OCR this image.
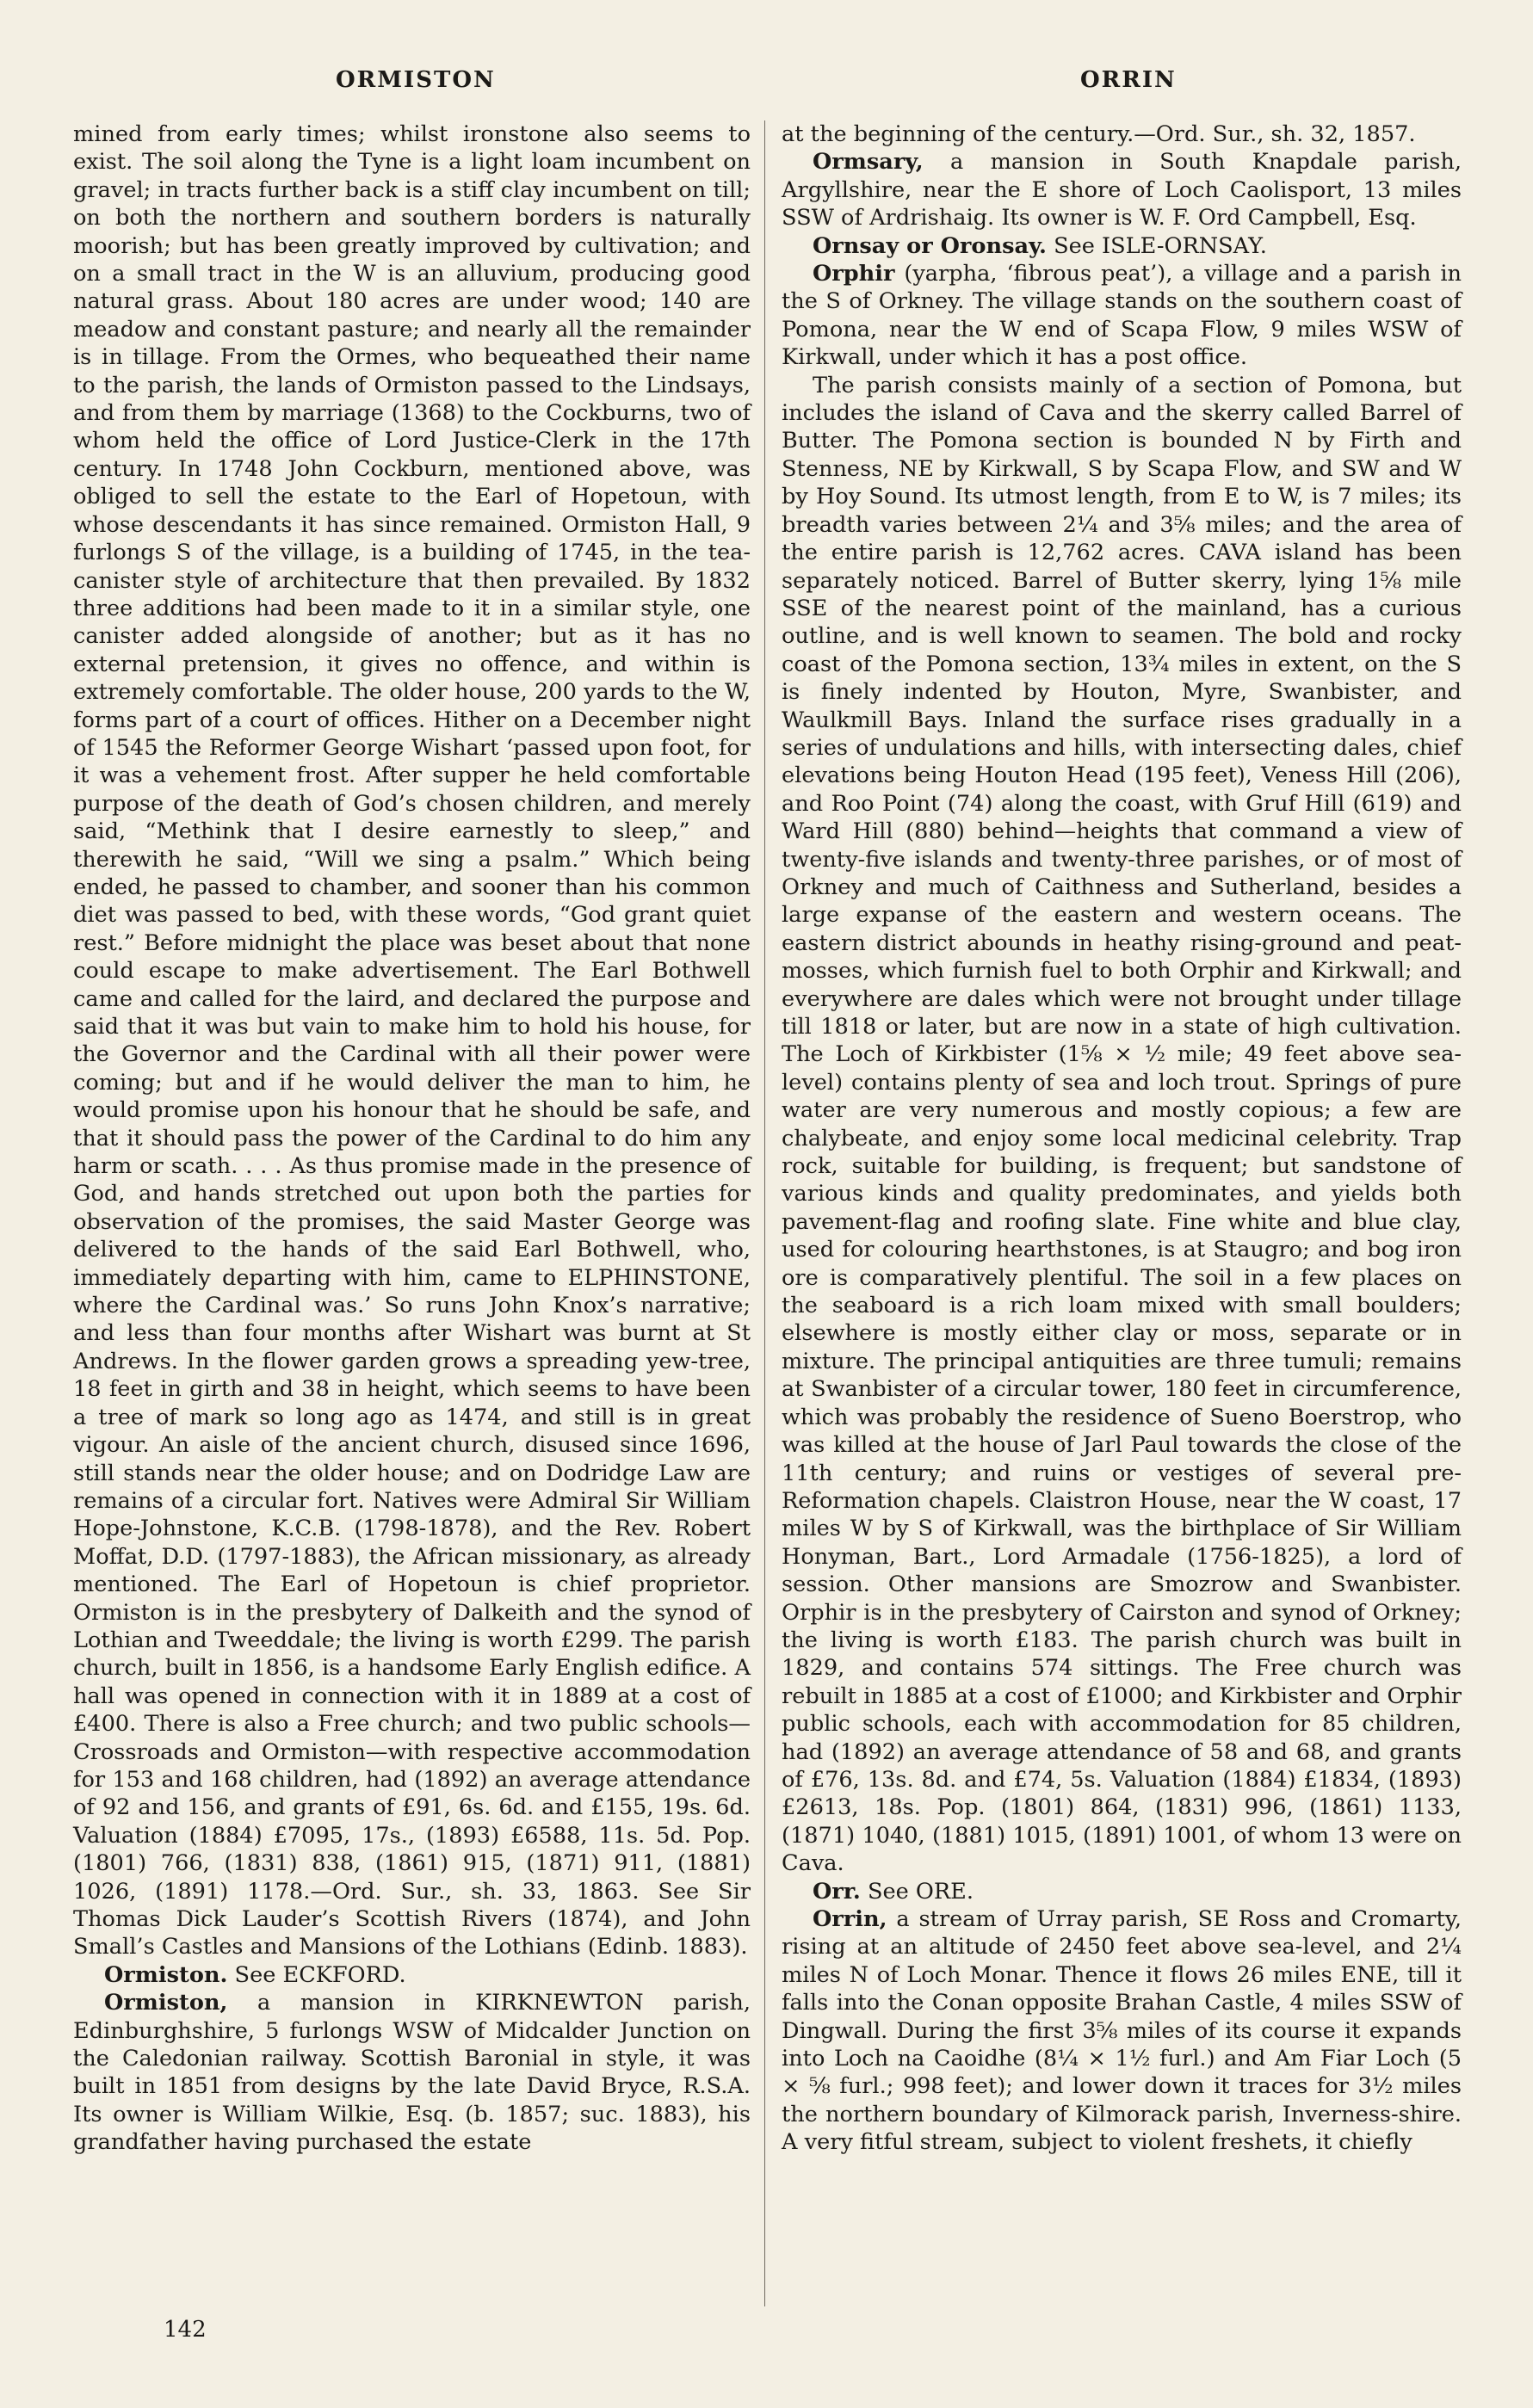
ORMISTON	ORRIN

mined from early times; whilst ironstone also seems to exist. The soil along the Tyne is a light loam incumbent on gravel; in tracts further back is a stiff clay incumbent on till; on both the northern and southern borders is naturally moorish; but has been greatly improved by cultivation; and on a small tract in the W is an alluvium, producing good natural grass. About 180 acres are under wood; 140 are meadow and constant pasture; and nearly all the remainder is in tillage. From the Ormes, who bequeathed their name to the parish, the lands of Ormiston passed to the Lindsays, and from them by marriage (1368) to the Cockburns, two of whom held the office of Lord Justice-Clerk in the 17th century. In 1748 John Cockburn, mentioned above, was obliged to sell the estate to the Earl of Hopetoun, with whose descendants it has since remained. Ormiston Hall, 9 furlongs S of the village, is a building of 1745, in the tea-canister style of architecture that then prevailed. By 1832 three additions had been made to it in a similar style, one canister added alongside of another; but as it has no external pretension, it gives no offence, and within is extremely comfortable. The older house, 200 yards to the W, forms part of a court of offices. Hither on a December night of 1545 the Reformer George Wishart ‘passed upon foot, for it was a vehement frost. After supper he held comfortable purpose of the death of God’s chosen children, and merely said, “Methink that I desire earnestly to sleep,” and therewith he said, “Will we sing a psalm.” Which being ended, he passed to chamber, and sooner than his common diet was passed to bed, with these words, “God grant quiet rest.” Before midnight the place was beset about that none could escape to make advertisement. The Earl Bothwell came and called for the laird, and declared the purpose and said that it was but vain to make him to hold his house, for the Governor and the Cardinal with all their power were coming; but and if he would deliver the man to him, he would promise upon his honour that he should be safe, and that it should pass the power of the Cardinal to do him any harm or scath. . . . As thus promise made in the presence of God, and hands stretched out upon both the parties for observation of the promises, the said Master George was delivered to the hands of the said Earl Bothwell, who, immediately departing with him, came to ELPHINSTONE, where the Cardinal was.’ So runs John Knox’s narrative; and less than four months after Wishart was burnt at St Andrews. In the flower garden grows a spreading yew-tree, 18 feet in girth and 38 in height, which seems to have been a tree of mark so long ago as 1474, and still is in great vigour. An aisle of the ancient church, disused since 1696, still stands near the older house; and on Dodridge Law are remains of a circular fort. Natives were Admiral Sir William Hope-Johnstone, K.C.B. (1798-1878), and the Rev. Robert Moffat, D.D. (1797-1883), the African missionary, as already mentioned. The Earl of Hopetoun is chief proprietor. Ormiston is in the presbytery of Dalkeith and the synod of Lothian and Tweeddale; the living is worth £299. The parish church, built in 1856, is a handsome Early English edifice. A hall was opened in connection with it in 1889 at a cost of £400. There is also a Free church; and two public schools—Crossroads and Ormiston—with respective accommodation for 153 and 168 children, had (1892) an average attendance of 92 and 156, and grants of £91, 6s. 6d. and £155, 19s. 6d. Valuation (1884) £7095, 17s., (1893) £6588, 11s. 5d. Pop. (1801) 766, (1831) 838, (1861) 915, (1871) 911, (1881) 1026, (1891) 1178.—Ord. Sur., sh. 33, 1863. See Sir Thomas Dick Lauder’s Scottish Rivers (1874), and John Small’s Castles and Mansions of the Lothians (Edinb. 1883).

Ormiston. See ECKFORD.

Ormiston, a mansion in KIRKNEWTON parish, Edinburghshire, 5 furlongs WSW of Midcalder Junction on the Caledonian railway. Scottish Baronial in style, it was built in 1851 from designs by the late David Bryce, R.S.A. Its owner is William Wilkie, Esq. (b. 1857; suc. 1883), his grandfather having purchased the estate

at the beginning of the century.—Ord. Sur., sh. 32, 1857.

Ormsary, a mansion in South Knapdale parish, Argyllshire, near the E shore of Loch Caolisport, 13 miles SSW of Ardrishaig. Its owner is W. F. Ord Campbell, Esq.

Ornsay or Oronsay. See ISLE-ORNSAY.

Orphir (yarpha, ‘fibrous peat’), a village and a parish in the S of Orkney. The village stands on the southern coast of Pomona, near the W end of Scapa Flow, 9 miles WSW of Kirkwall, under which it has a post office.

The parish consists mainly of a section of Pomona, but includes the island of Cava and the skerry called Barrel of Butter. The Pomona section is bounded N by Firth and Stenness, NE by Kirkwall, S by Scapa Flow, and SW and W by Hoy Sound. Its utmost length, from E to W, is 7 miles; its breadth varies between 2¼ and 3⅝ miles; and the area of the entire parish is 12,762 acres. CAVA island has been separately noticed. Barrel of Butter skerry, lying 1⅝ mile SSE of the nearest point of the mainland, has a curious outline, and is well known to seamen. The bold and rocky coast of the Pomona section, 13¾ miles in extent, on the S is finely indented by Houton, Myre, Swanbister, and Waulkmill Bays. Inland the surface rises gradually in a series of undulations and hills, with intersecting dales, chief elevations being Houton Head (195 feet), Veness Hill (206), and Roo Point (74) along the coast, with Gruf Hill (619) and Ward Hill (880) behind—heights that command a view of twenty-five islands and twenty-three parishes, or of most of Orkney and much of Caithness and Sutherland, besides a large expanse of the eastern and western oceans. The eastern district abounds in heathy rising-ground and peat-mosses, which furnish fuel to both Orphir and Kirkwall; and everywhere are dales which were not brought under tillage till 1818 or later, but are now in a state of high cultivation. The Loch of Kirkbister (1⅝ × ½ mile; 49 feet above sea-level) contains plenty of sea and loch trout. Springs of pure water are very numerous and mostly copious; a few are chalybeate, and enjoy some local medicinal celebrity. Trap rock, suitable for building, is frequent; but sandstone of various kinds and quality predominates, and yields both pavement-flag and roofing slate. Fine white and blue clay, used for colouring hearthstones, is at Staugro; and bog iron ore is comparatively plentiful. The soil in a few places on the seaboard is a rich loam mixed with small boulders; elsewhere is mostly either clay or moss, separate or in mixture. The principal antiquities are three tumuli; remains at Swanbister of a circular tower, 180 feet in circumference, which was probably the residence of Sueno Boerstrop, who was killed at the house of Jarl Paul towards the close of the 11th century; and ruins or vestiges of several pre-Reformation chapels. Claistron House, near the W coast, 17 miles W by S of Kirkwall, was the birthplace of Sir William Honyman, Bart., Lord Armadale (1756-1825), a lord of session. Other mansions are Smozrow and Swanbister. Orphir is in the presbytery of Cairston and synod of Orkney; the living is worth £183. The parish church was built in 1829, and contains 574 sittings. The Free church was rebuilt in 1885 at a cost of £1000; and Kirkbister and Orphir public schools, each with accommodation for 85 children, had (1892) an average attendance of 58 and 68, and grants of £76, 13s. 8d. and £74, 5s. Valuation (1884) £1834, (1893) £2613, 18s. Pop. (1801) 864, (1831) 996, (1861) 1133, (1871) 1040, (1881) 1015, (1891) 1001, of whom 13 were on Cava.

Orr. See ORE.

Orrin, a stream of Urray parish, SE Ross and Cromarty, rising at an altitude of 2450 feet above sea-level, and 2¼ miles N of Loch Monar. Thence it flows 26 miles ENE, till it falls into the Conan opposite Brahan Castle, 4 miles SSW of Dingwall. During the first 3⅝ miles of its course it expands into Loch na Caoidhe (8¼ × 1½ furl.) and Am Fiar Loch (5 × ⅝ furl.; 998 feet); and lower down it traces for 3½ miles the northern boundary of Kilmorack parish, Inverness-shire. A very fitful stream, subject to violent freshets, it chiefly

142
